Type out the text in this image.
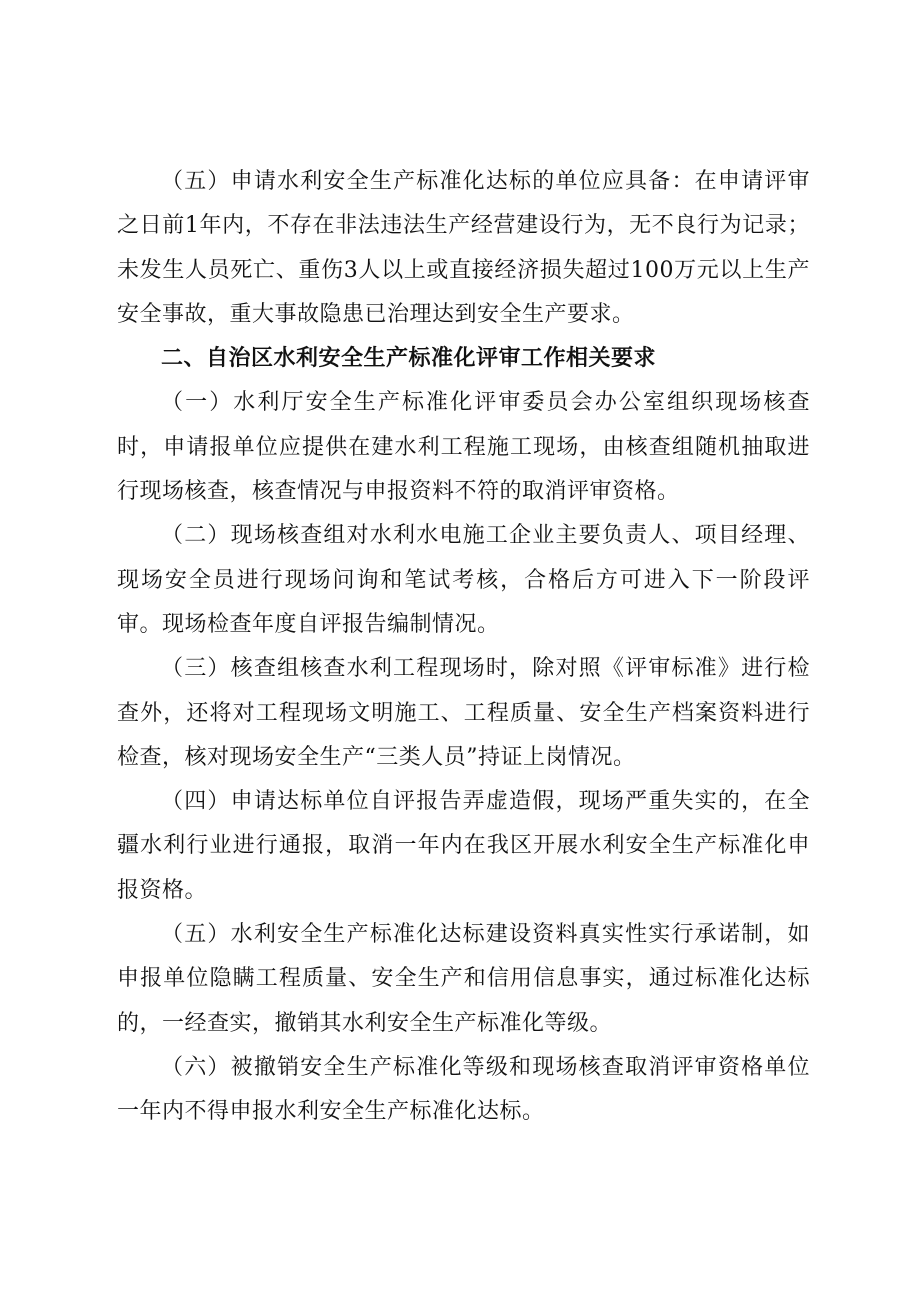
（五）申请水利安全生产标准化达标的单位应具备：在申请评审之日前1年内，不存在非法违法生产经营建设行为，无不良行为记录；未发生人员死亡、重伤3人以上或直接经济损失超过100万元以上生产安全事故，重大事故隐患已治理达到安全生产要求。

二、自治区水利安全生产标准化评审工作相关要求

（一）水利厅安全生产标准化评审委员会办公室组织现场核查时，申请报单位应提供在建水利工程施工现场，由核查组随机抽取进行现场核查，核查情况与申报资料不符的取消评审资格。

（二）现场核查组对水利水电施工企业主要负责人、项目经理、现场安全员进行现场问询和笔试考核，合格后方可进入下一阶段评审。现场检查年度自评报告编制情况。

（三）核查组核查水利工程现场时，除对照《评审标准》进行检查外，还将对工程现场文明施工、工程质量、安全生产档案资料进行检查，核对现场安全生产“三类人员”持证上岗情况。

（四）申请达标单位自评报告弄虚造假，现场严重失实的，在全疆水利行业进行通报，取消一年内在我区开展水利安全生产标准化申报资格。

（五）水利安全生产标准化达标建设资料真实性实行承诺制，如申报单位隐瞒工程质量、安全生产和信用信息事实，通过标准化达标的，一经查实，撤销其水利安全生产标准化等级。

（六）被撤销安全生产标准化等级和现场核查取消评审资格单位一年内不得申报水利安全生产标准化达标。
